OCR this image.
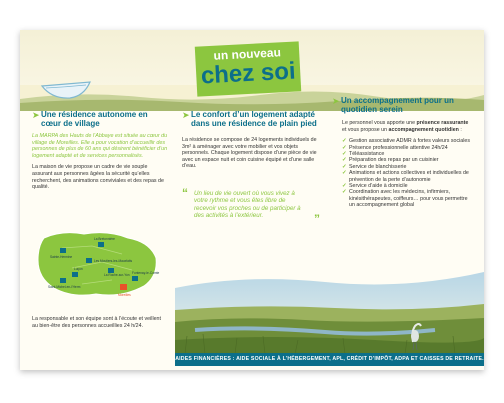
un nouveau
chez soi
➤ Une résidence autonome en cœur de village
La MARPA des Hauts de l’Abbaye est située au cœur du village de Moreilles. Elle a pour vocation d’accueillir des personnes de plus de 60 ans qui désirent bénéficier d’un logement adapté et de services personnalisés.
La maison de vie propose un cadre de vie souple assurant aux personnes âgées la sécurité qu’elles recherchent, des animations conviviales et des repas de qualité.
Sainte-Hermine
La Bretonnière
Les Moutiers-les-Mauxfaits
Luçon
La Roche-sur-Yon
Saint-Michel-en-l’Herm
Fontenay-le-Comte
Moreilles
La responsable et son équipe sont à l’écoute et veillent au bien-être des personnes accueillies 24 h/24.
➤ Le confort d’un logement adapté dans une résidence de plain pied
La résidence se compose de 24 logements individuels de 3m² à aménager avec votre mobilier et vos objets personnels. Chaque logement dispose d’une pièce de vie avec un espace nuit et coin cuisine équipé et d’une salle d’eau.
“ Un lieu de vie ouvert où vous vivez à votre rythme et vous êtes libre de recevoir vos proches ou de participer à des activités à l’extérieur.	”
➤ Un accompagnement pour un quotidien serein
Le personnel vous apporte une présence rassurante et vous propose un accompagnement quotidien :
✓ Gestion associative ADMR à fortes valeurs sociales
✓ Présence professionnelle attentive 24h/24
✓ Téléassistance
✓ Préparation des repas par un cuisinier
✓ Service de blanchisserie
✓ Animations et actions collectives et individuelles de prévention de la perte d’autonomie
✓ Service d’aide à domicile
✓ Coordination avec les médecins, infirmiers, kinésithérapeutes, coiffeurs… pour vous permettre un accompagnement global
AIDES FINANCIÈRES : AIDE SOCIALE À L’HÉBERGEMENT, APL, CRÉDIT D’IMPÔT, ADPA ET CAISSES DE RETRAITE.
